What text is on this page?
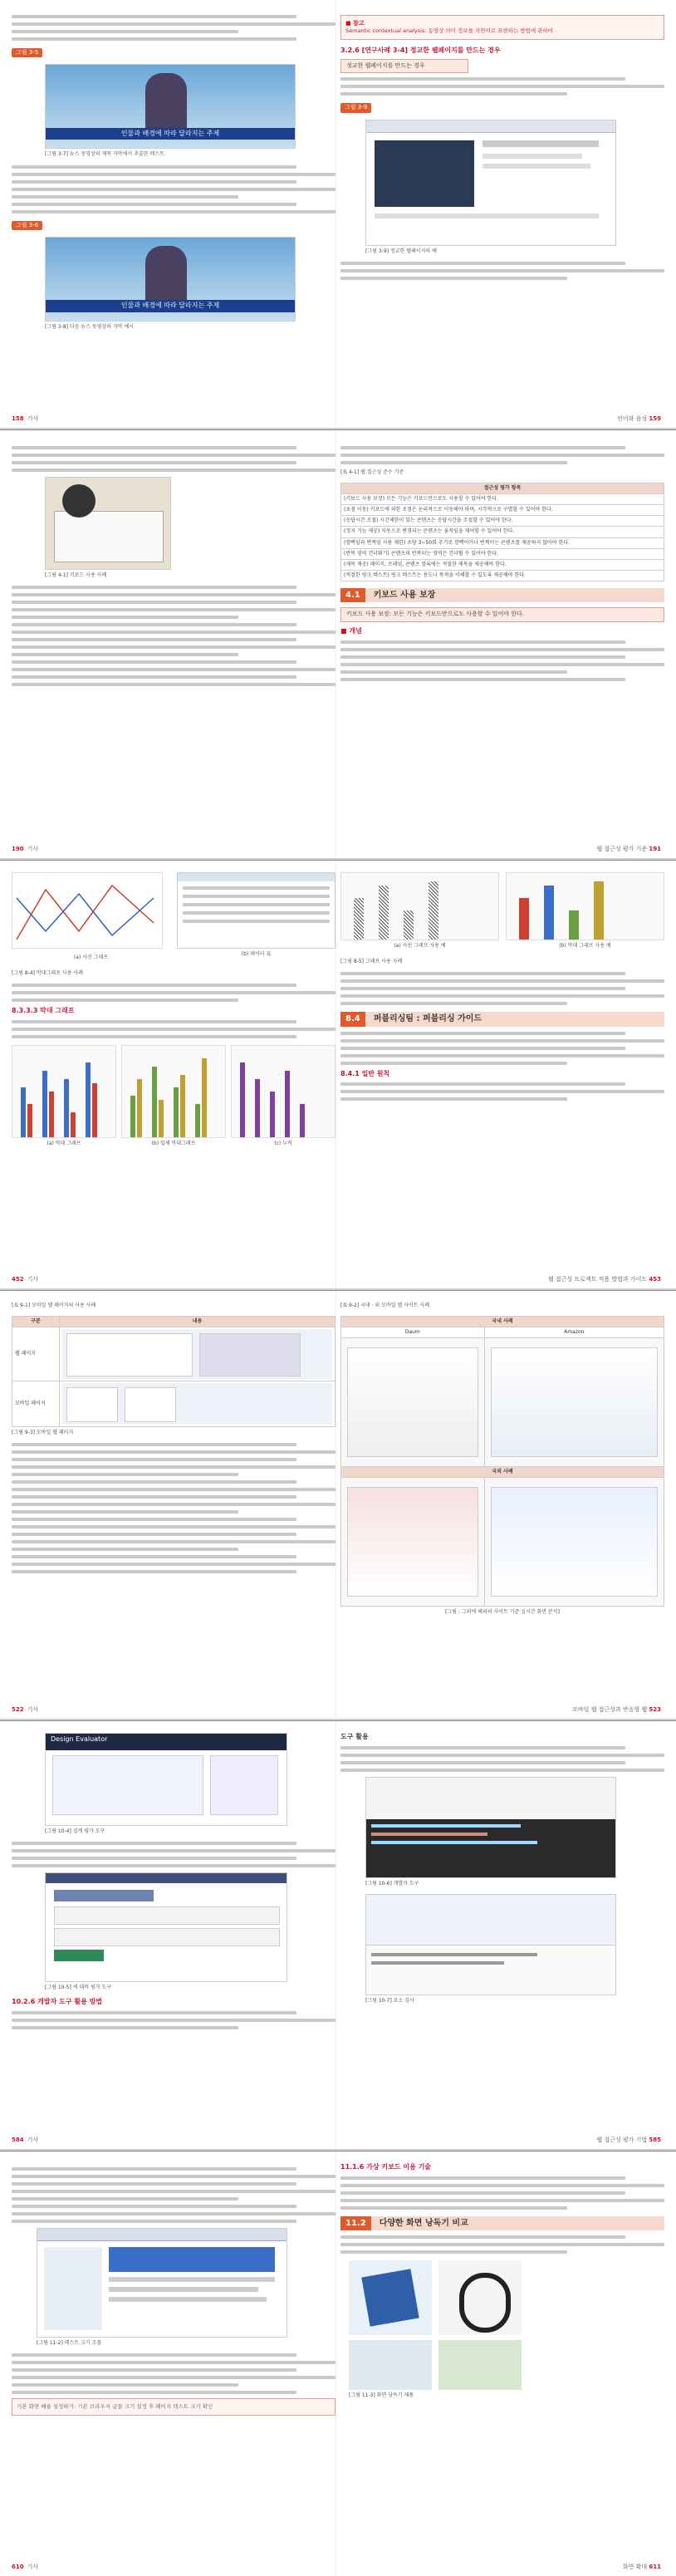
그림 3-5
인물과 배경에 따라 달라지는 주제
[그림 3-7] 뉴스 동영상의 제목 자막에서 추출한 텍스트
그림 3-6
인물과 배경에 따라 달라지는 주제
[그림 3-8] 다음 뉴스 동영상의 자막 예시
158 기사
■ 참고
Semantic contextual analysis. 동영상 의미 정보를 자연어로 표현하는 방법에 관하여
3.2.6 [연구사례 3-4] 정교한 웹페이지를 만드는 경우
정교한 웹페이지를 만드는 경우
그림 3-9
[그림 3-9] 정교한 웹페이지의 예
언어와 음성 159
[그림 4-1] 키보드 사용 사례
190 기사
[표 4-1] 웹 접근성 준수 기준
접근성 평가 항목
(키보드 사용 보장) 모든 기능은 키보드만으로도 사용할 수 있어야 한다.
(초점 이동) 키보드에 의한 초점은 논리적으로 이동해야 하며, 시각적으로 구별할 수 있어야 한다.
(응답시간 조절) 시간제한이 있는 콘텐츠는 응답시간을 조절할 수 있어야 한다.
(정지 기능 제공) 자동으로 변경되는 콘텐츠는 움직임을 제어할 수 있어야 한다.
(깜빡임과 번쩍임 사용 제한) 초당 3~50회 주기로 깜빡이거나 번쩍이는 콘텐츠를 제공하지 않아야 한다.
(반복 영역 건너뛰기) 콘텐츠의 반복되는 영역은 건너뛸 수 있어야 한다.
(제목 제공) 페이지, 프레임, 콘텐츠 블록에는 적절한 제목을 제공해야 한다.
(적절한 링크 텍스트) 링크 텍스트는 용도나 목적을 이해할 수 있도록 제공해야 한다.
4.1	키보드 사용 보장
키보드 사용 보장: 모든 기능은 키보드만으로도 사용할 수 있어야 한다.
■ 개념
웹 접근성 평가 기준 191
(a) 사선 그래프
(b) 데이터 표
[그림 8-4] 막대그래프 사용 사례
8.3.3.3 막대 그래프
(a) 막대 그래프	(b) 입체 막대그래프	(c) 누적
452 기사
(a) 사선 그래프 사용 예	(b) 막대 그래프 사용 예
[그림 8-5] 그래프 사용 사례
8.4	퍼블리싱팀 : 퍼블리싱 가이드
8.4.1 일반 원칙
웹 접근성 프로젝트 적용 방법과 가이드 453
[표 9-1] 모바일 웹 페이지의 사용 사례
구분	내용
웹 페이지	

모바일 페이지	
[그림 9-3] 모바일 웹 페이지
522 기사
[표 9-2] 국내 · 외 모바일 웹 사이트 사례
국내 사례	
Daum	Amazon

국외 사례	

[그림 : 그외에 해외의 사이트 기준 실시간 화면 분석]
모바일 웹 접근성과 반응형 웹 523
Design Evaluator
[그림 10-4] 설계 평가 도구
[그림 10-5] 색 대비 평가 도구
10.2.6 개발자 도구 활용 방법
584 기사
도구 활용
[그림 10-6] 개발자 도구
[그림 10-7] 요소 검사
웹 접근성 평가 기법 585
[그림 11-2] 텍스트 크기 조절
기본 화면 배율 설정하기: 기본 브라우저 글꼴 크기 설정 후 페이지 텍스트 크기 확인
610 기사
11.1.6 가상 키보드 이용 기술
11.2	다양한 화면 낭독기 비교
[그림 11-3] 화면 낭독기 제품
화면 확대 611
